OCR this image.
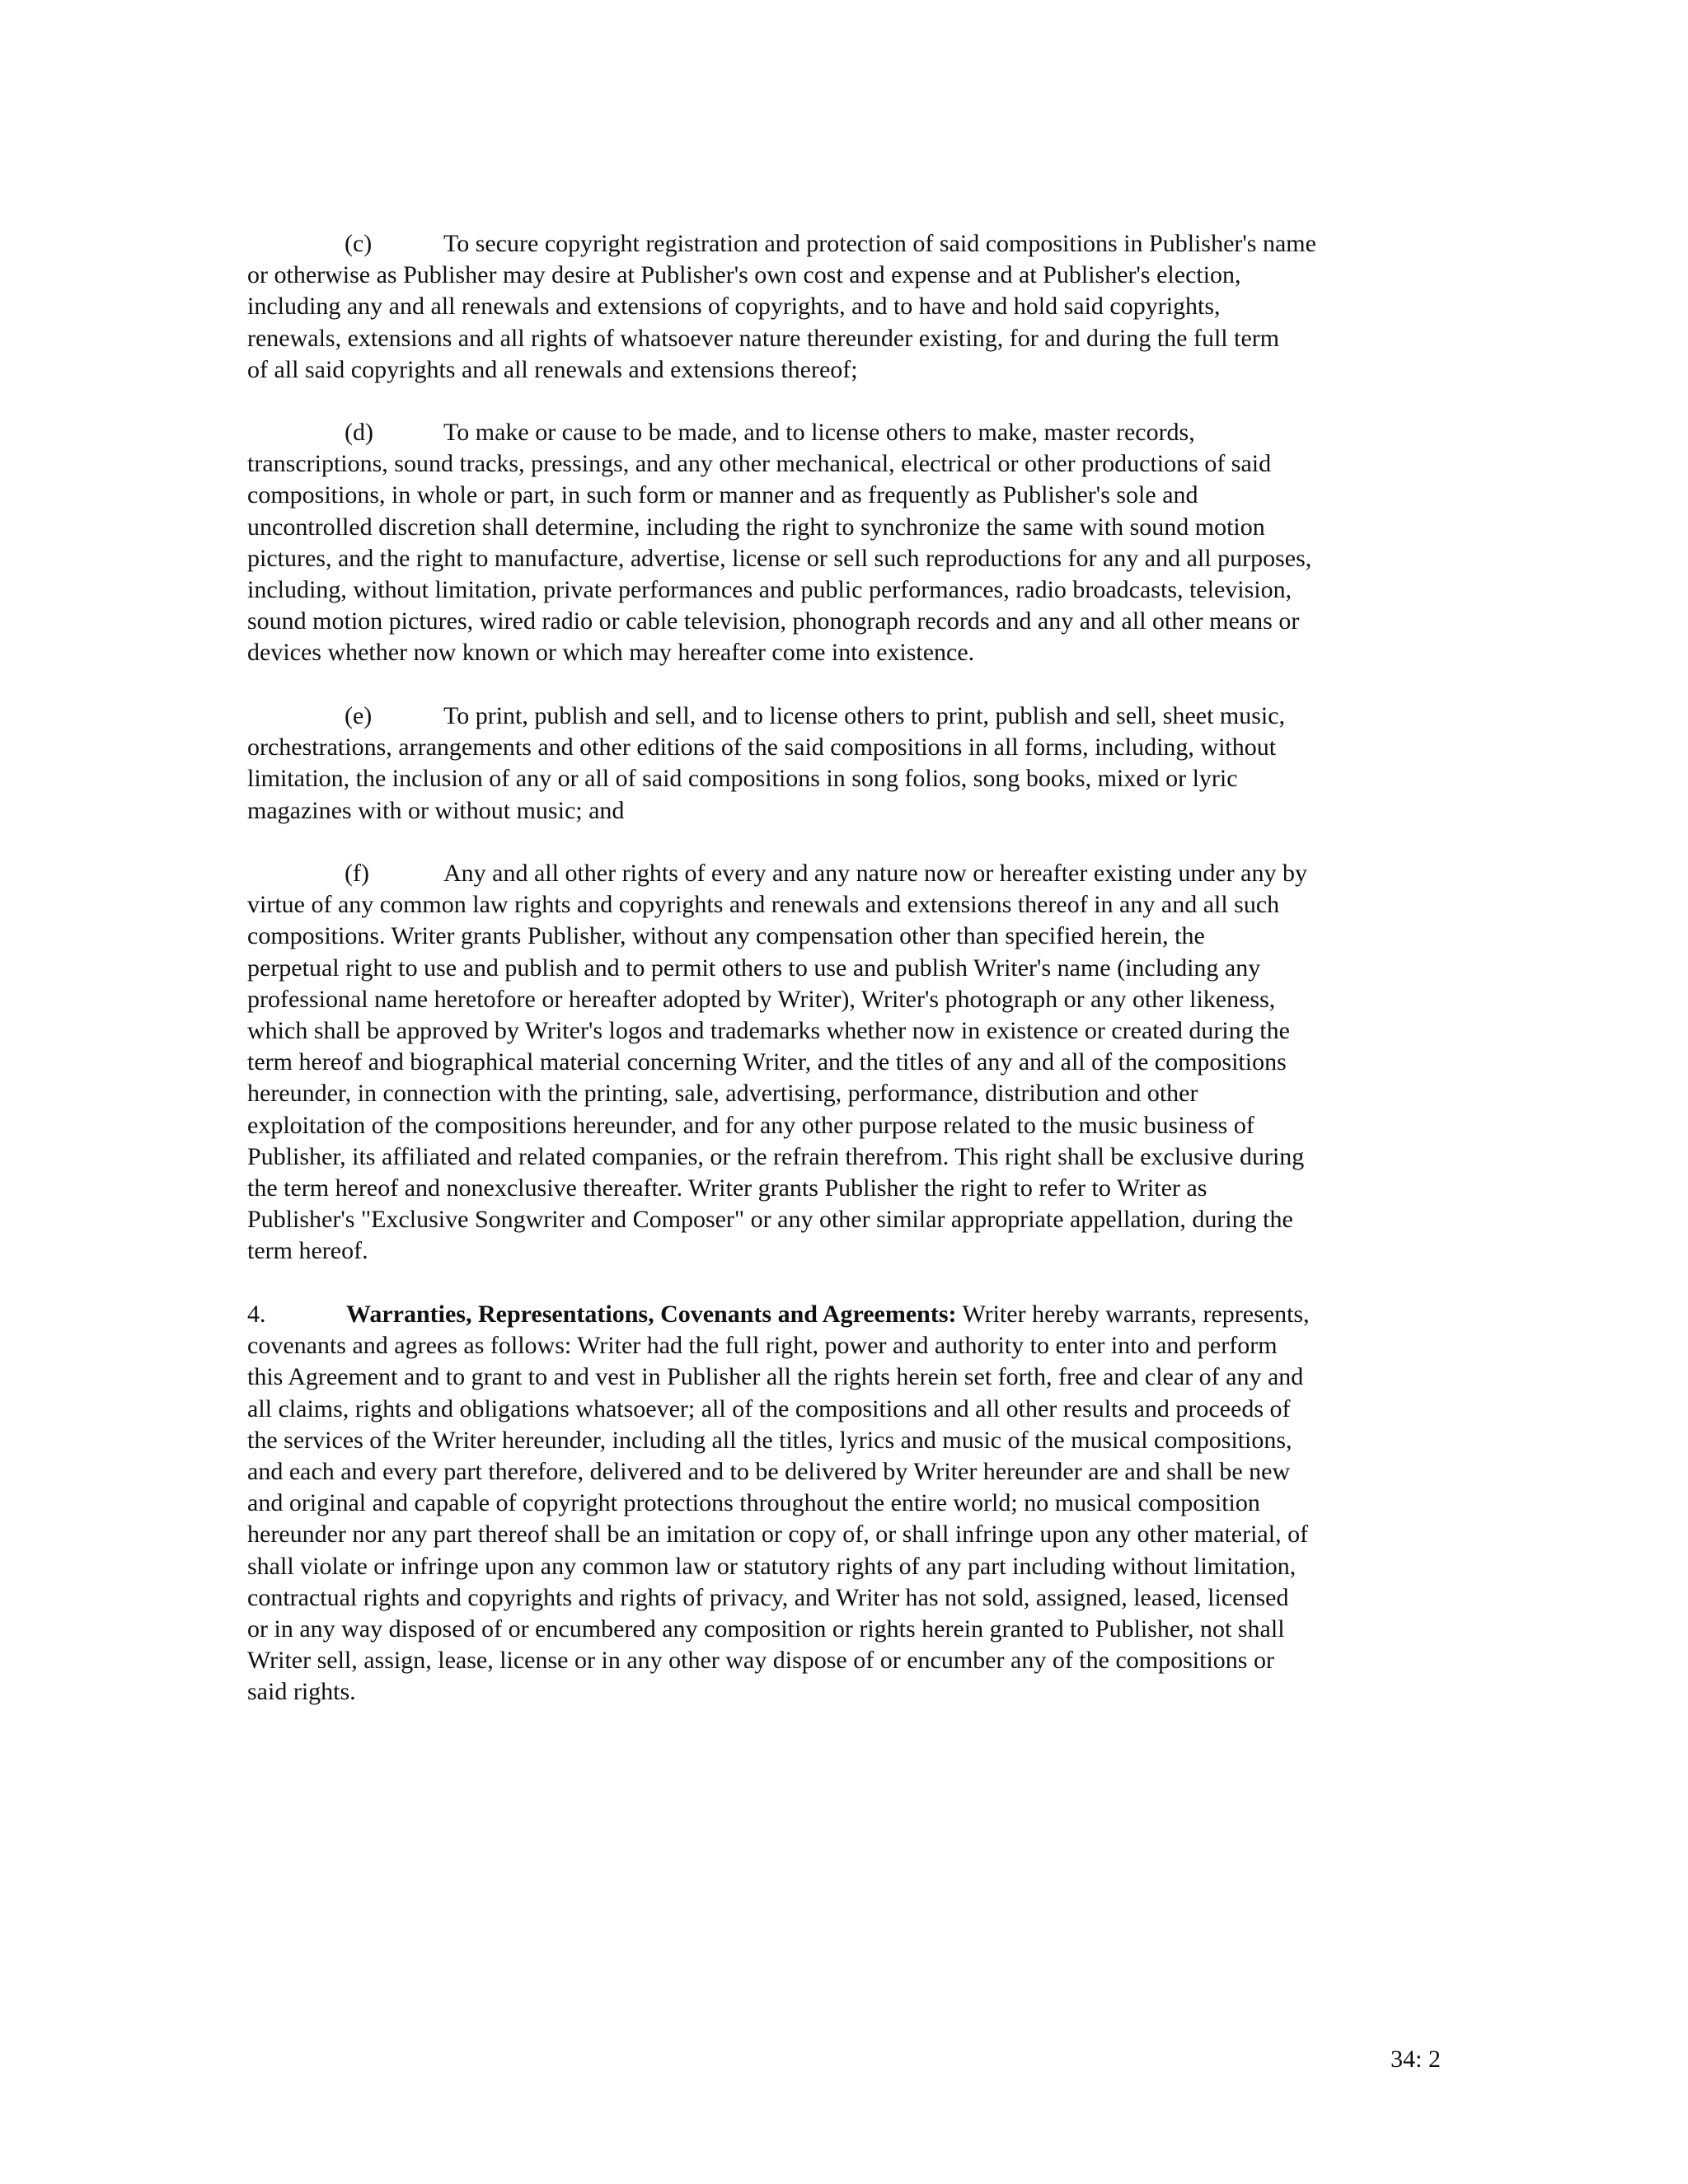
(c)	To secure copyright registration and protection of said compositions in Publisher's name
or otherwise as Publisher may desire at Publisher's own cost and expense and at Publisher's election,
including any and all renewals and extensions of copyrights, and to have and hold said copyrights,
renewals, extensions and all rights of whatsoever nature thereunder existing, for and during the full term
of all said copyrights and all renewals and extensions thereof;
(d)	To make or cause to be made, and to license others to make, master records,
transcriptions, sound tracks, pressings, and any other mechanical, electrical or other productions of said
compositions, in whole or part, in such form or manner and as frequently as Publisher's sole and
uncontrolled discretion shall determine, including the right to synchronize the same with sound motion
pictures, and the right to manufacture, advertise, license or sell such reproductions for any and all purposes,
including, without limitation, private performances and public performances, radio broadcasts, television,
sound motion pictures, wired radio or cable television, phonograph records and any and all other means or
devices whether now known or which may hereafter come into existence.
(e)	To print, publish and sell, and to license others to print, publish and sell, sheet music,
orchestrations, arrangements and other editions of the said compositions in all forms, including, without
limitation, the inclusion of any or all of said compositions in song folios, song books, mixed or lyric
magazines with or without music; and
(f)	Any and all other rights of every and any nature now or hereafter existing under any by
virtue of any common law rights and copyrights and renewals and extensions thereof in any and all such
compositions. Writer grants Publisher, without any compensation other than specified herein, the
perpetual right to use and publish and to permit others to use and publish Writer's name (including any
professional name heretofore or hereafter adopted by Writer), Writer's photograph or any other likeness,
which shall be approved by Writer's logos and trademarks whether now in existence or created during the
term hereof and biographical material concerning Writer, and the titles of any and all of the compositions
hereunder, in connection with the printing, sale, advertising, performance, distribution and other
exploitation of the compositions hereunder, and for any other purpose related to the music business of
Publisher, its affiliated and related companies, or the refrain therefrom. This right shall be exclusive during
the term hereof and nonexclusive thereafter. Writer grants Publisher the right to refer to Writer as
Publisher's "Exclusive Songwriter and Composer" or any other similar appropriate appellation, during the
term hereof.
4.	Warranties, Representations, Covenants and Agreements: Writer hereby warrants, represents,
covenants and agrees as follows: Writer had the full right, power and authority to enter into and perform
this Agreement and to grant to and vest in Publisher all the rights herein set forth, free and clear of any and
all claims, rights and obligations whatsoever; all of the compositions and all other results and proceeds of
the services of the Writer hereunder, including all the titles, lyrics and music of the musical compositions,
and each and every part therefore, delivered and to be delivered by Writer hereunder are and shall be new
and original and capable of copyright protections throughout the entire world; no musical composition
hereunder nor any part thereof shall be an imitation or copy of, or shall infringe upon any other material, of
shall violate or infringe upon any common law or statutory rights of any part including without limitation,
contractual rights and copyrights and rights of privacy, and Writer has not sold, assigned, leased, licensed
or in any way disposed of or encumbered any composition or rights herein granted to Publisher, not shall
Writer sell, assign, lease, license or in any other way dispose of or encumber any of the compositions or
said rights.
34: 2
